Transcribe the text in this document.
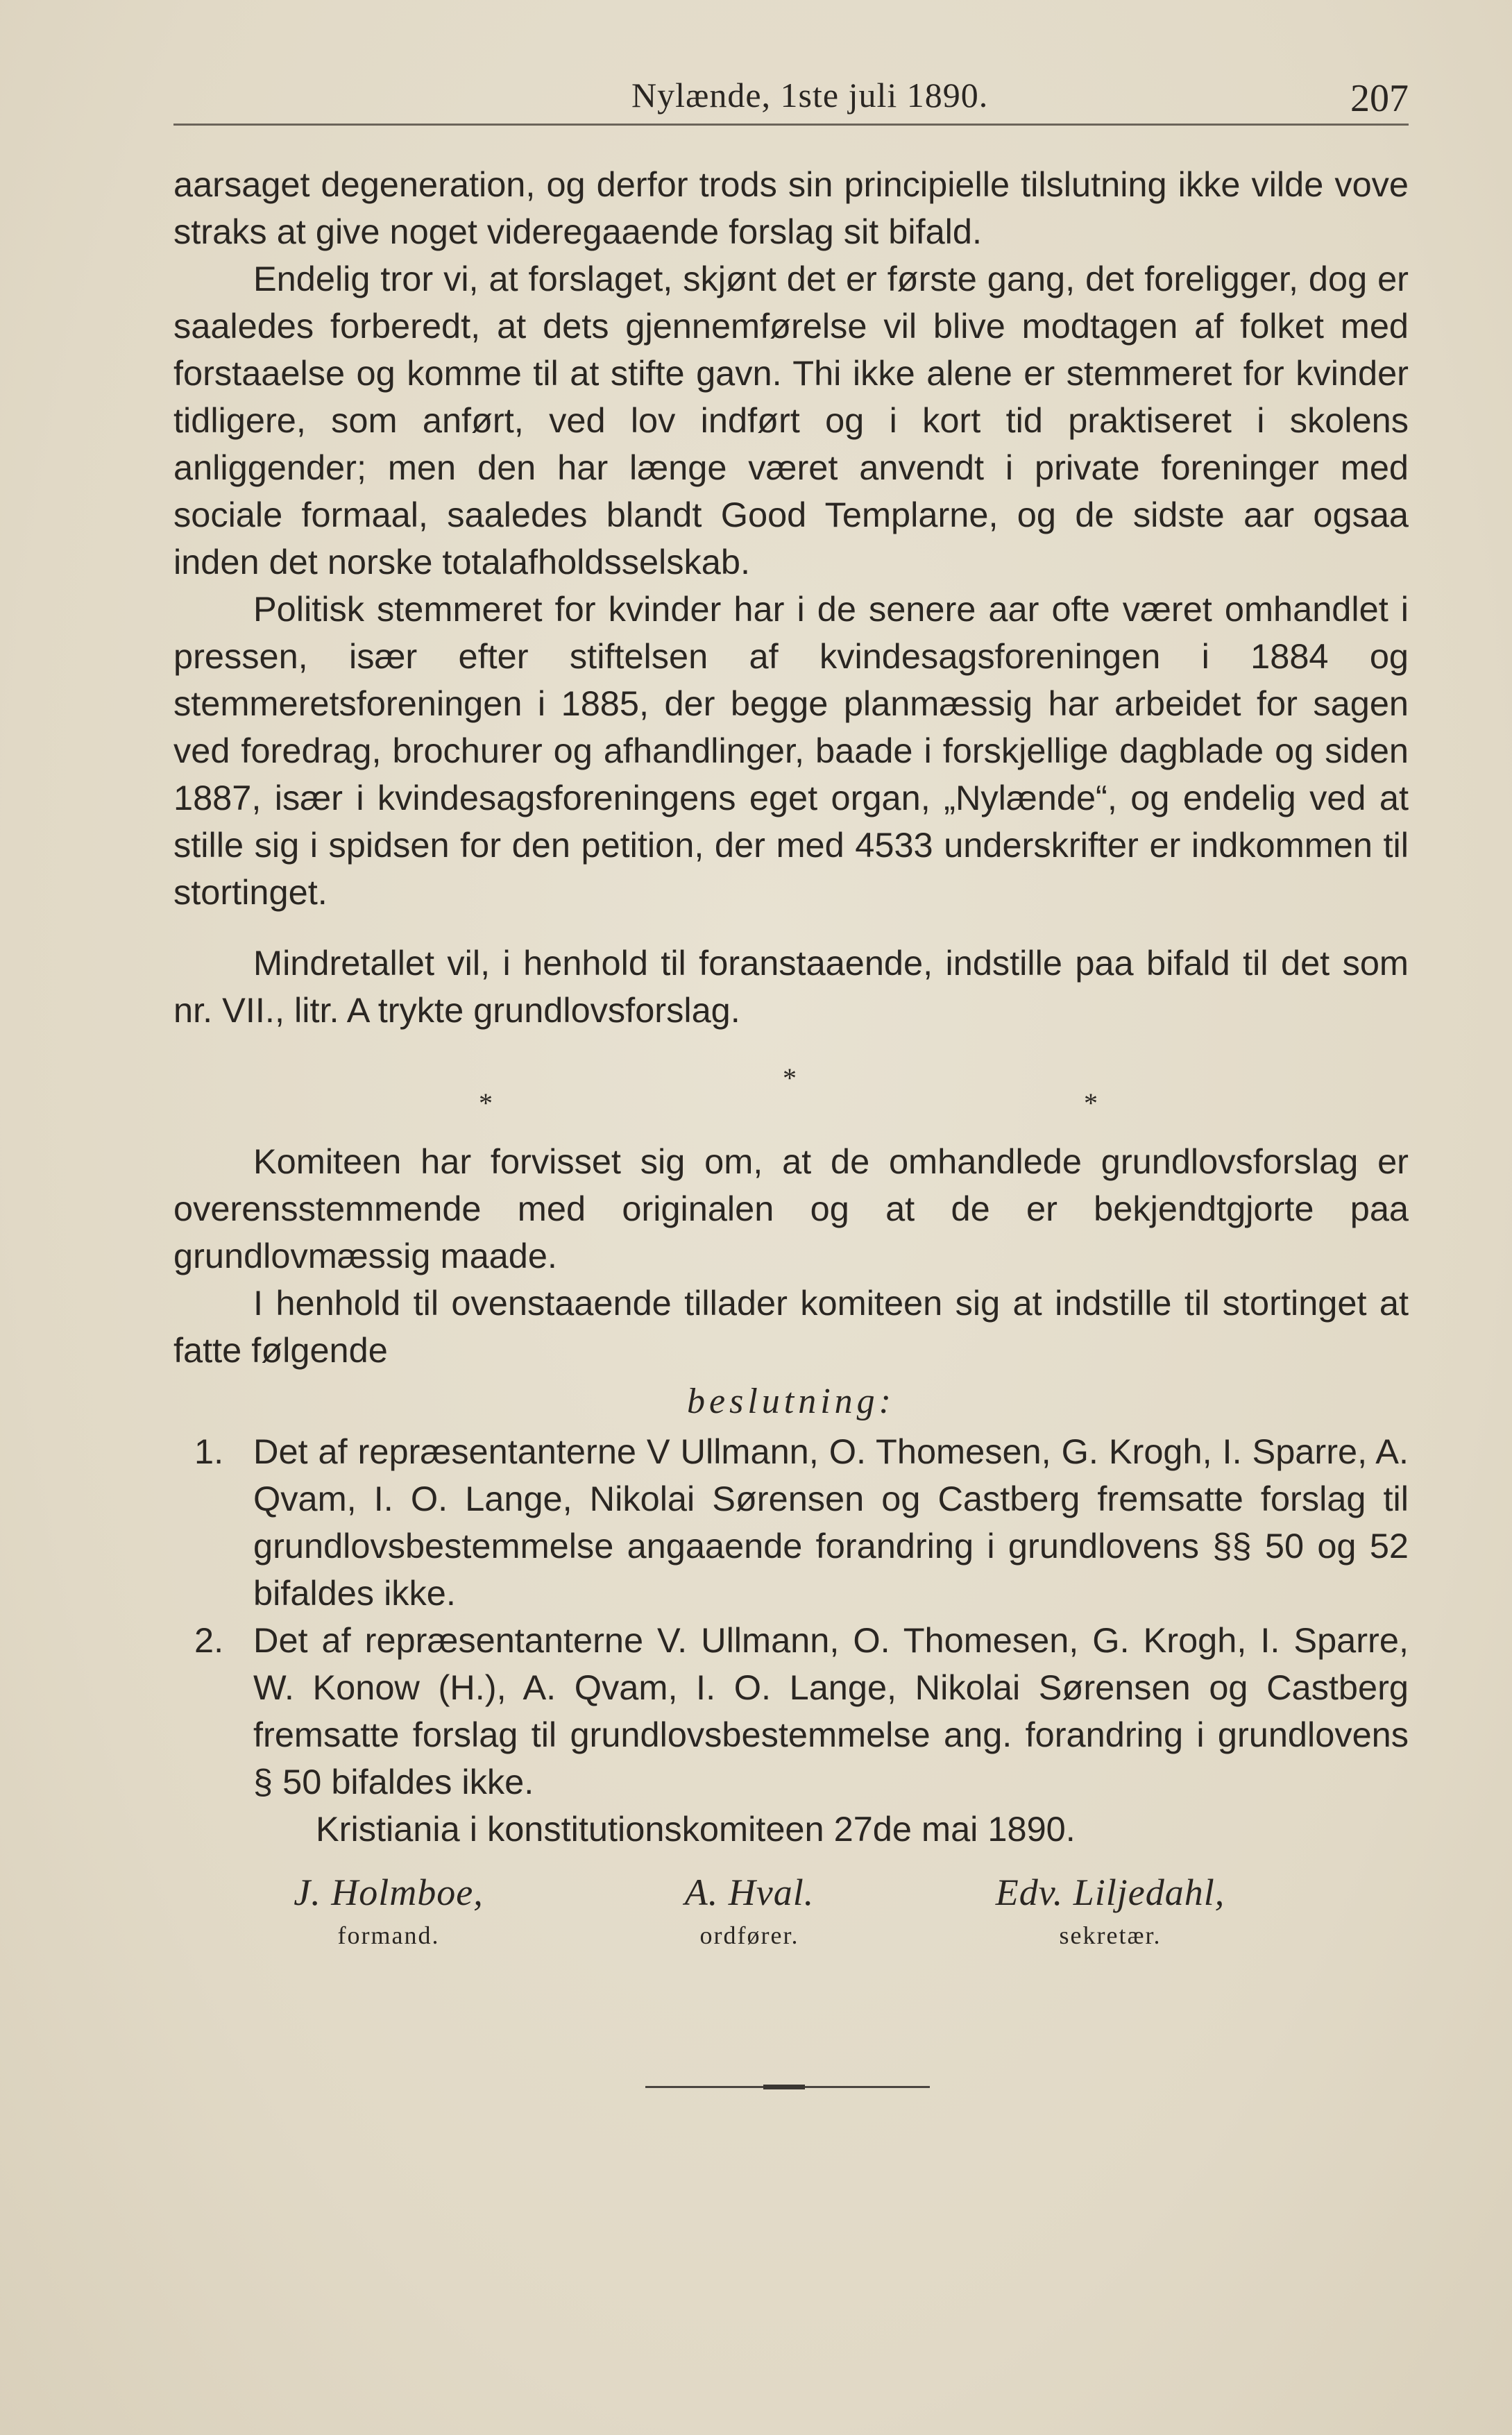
Nylænde, 1ste juli 1890.	207

aarsaget degeneration, og derfor trods sin principielle tilslutning ikke vilde vove straks at give noget videregaaende forslag sit bifald.

Endelig tror vi, at forslaget, skjønt det er første gang, det foreligger, dog er saaledes forberedt, at dets gjennemførelse vil blive modtagen af folket med forstaaelse og komme til at stifte gavn. Thi ikke alene er stemmeret for kvinder tidligere, som anført, ved lov indført og i kort tid praktiseret i skolens anliggender; men den har længe været anvendt i private foreninger med sociale formaal, saaledes blandt Good Templarne, og de sidste aar ogsaa inden det norske totalafholdsselskab.

Politisk stemmeret for kvinder har i de senere aar ofte været omhandlet i pressen, især efter stiftelsen af kvindesagsforeningen i 1884 og stemmeretsforeningen i 1885, der begge planmæssig har arbeidet for sagen ved foredrag, brochurer og afhandlinger, baade i forskjellige dagblade og siden 1887, især i kvindesagsforeningens eget organ, „Nylænde“, og endelig ved at stille sig i spidsen for den petition, der med 4533 underskrifter er indkommen til stortinget.

Mindretallet vil, i henhold til foranstaaende, indstille paa bifald til det som nr. VII., litr. A trykte grundlovsforslag.

*
*	*

Komiteen har forvisset sig om, at de omhandlede grundlovsforslag er overensstemmende med originalen og at de er bekjendtgjorte paa grundlovmæssig maade.

I henhold til ovenstaaende tillader komiteen sig at indstille til stortinget at fatte følgende

beslutning:
1. Det af repræsentanterne V Ullmann, O. Thomesen, G. Krogh, I. Sparre, A. Qvam, I. O. Lange, Nikolai Sørensen og Castberg fremsatte forslag til grundlovsbestemmelse angaaende forandring i grundlovens §§ 50 og 52 bifaldes ikke.
2. Det af repræsentanterne V. Ullmann, O. Thomesen, G. Krogh, I. Sparre, W. Konow (H.), A. Qvam, I. O. Lange, Nikolai Sørensen og Castberg fremsatte forslag til grundlovsbestemmelse ang. forandring i grundlovens § 50 bifaldes ikke.

Kristiania i konstitutionskomiteen 27de mai 1890.

J. Holmboe,
formand.
A. Hval.
ordfører.
Edv. Liljedahl,
sekretær.
